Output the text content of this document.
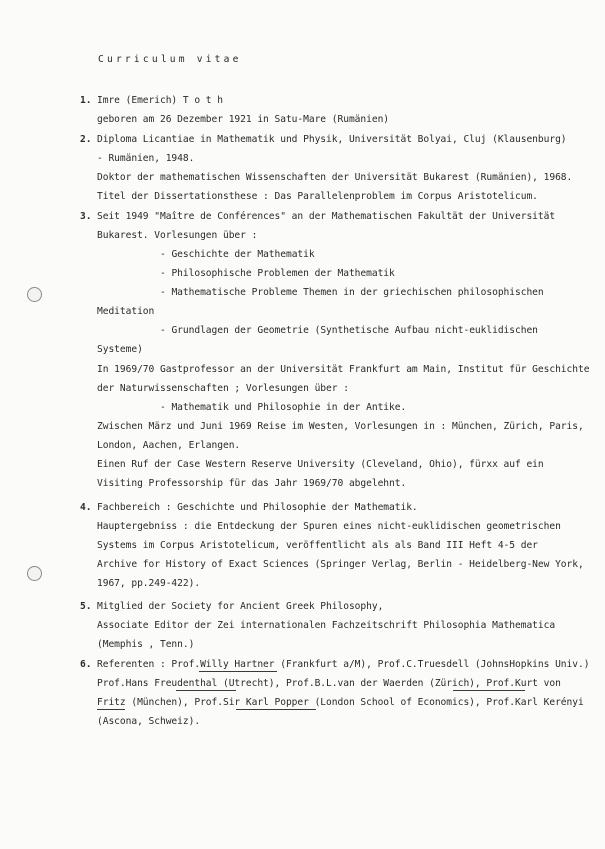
Curriculum vitae
1. Imre (Emerich) T o t h
geboren am 26 Dezember 1921 in Satu-Mare (Rumänien)
2. Diploma Licantiae in Mathematik und Physik, Universität Bolyai, Cluj (Klausenburg)
- Rumänien, 1948.
Doktor der mathematischen Wissenschaften der Universität Bukarest (Rumänien), 1968.
Titel der Dissertationsthese : Das Parallelenproblem im Corpus Aristotelicum.
3. Seit 1949 "Maître de Conférences" an der Mathematischen Fakultät der Universität
Bukarest. Vorlesungen über :
- Geschichte der Mathematik
- Philosophische Problemen der Mathematik
- Mathematische Probleme Themen in der griechischen philosophischen
Meditation
- Grundlagen der Geometrie (Synthetische Aufbau nicht-euklidischen
Systeme)
In 1969/70 Gastprofessor an der Universität Frankfurt am Main, Institut für Geschichte
der Naturwissenschaften ; Vorlesungen über :
- Mathematik und Philosophie in der Antike.
Zwischen März und Juni 1969 Reise im Westen, Vorlesungen in : München, Zürich, Paris,
London, Aachen, Erlangen.
Einen Ruf der Case Western Reserve University (Cleveland, Ohio), fürxx auf ein
Visiting Professorship für das Jahr 1969/70 abgelehnt.
4. Fachbereich : Geschichte und Philosophie der Mathematik.
Hauptergebniss : die Entdeckung der Spuren eines nicht-euklidischen geometrischen
Systems im Corpus Aristotelicum, veröffentlicht als als Band III Heft 4-5 der
Archive for History of Exact Sciences (Springer Verlag, Berlin - Heidelberg-New York,
1967, pp.249-422).
5. Mitglied der Society for Ancient Greek Philosophy,
Associate Editor der Zei internationalen Fachzeitschrift Philosophia Mathematica
(Memphis , Tenn.)
6. Referenten : Prof.Willy Hartner (Frankfurt a/M), Prof.C.Truesdell (JohnsHopkins Univ.)
Prof.Hans Freudenthal (Utrecht), Prof.B.L.van der Waerden (Zürich), Prof.Kurt von
Fritz (München), Prof.Sir Karl Popper (London School of Economics), Prof.Karl Kerényi
(Ascona, Schweiz).
